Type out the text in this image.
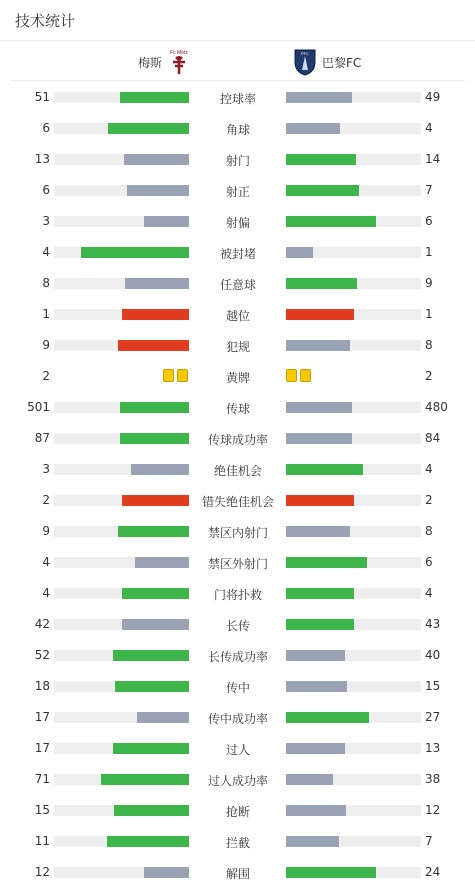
技术统计
梅斯
Fc Metz	PFC
巴黎FC
51	控球率	49
6	角球	4
13	射门	14
6	射正	7
3	射偏	6
4	被封堵	1
8	任意球	9
1	越位	1
9	犯规	8
2	黄牌	2
501	传球	480
87	传球成功率	84
3	绝佳机会	4
2	错失绝佳机会	2
9	禁区内射门	8
4	禁区外射门	6
4	门将扑救	4
42	长传	43
52	长传成功率	40
18	传中	15
17	传中成功率	27
17	过人	13
71	过人成功率	38
15	抢断	12
11	拦截	7
12	解围	24
